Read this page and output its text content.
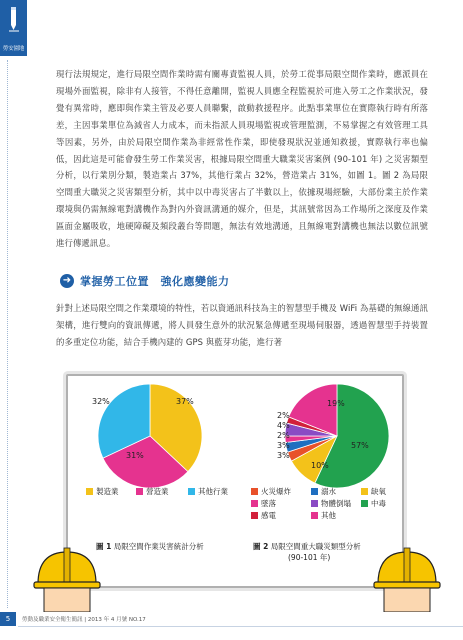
勞安園地

現行法規規定，進行局限空間作業時需有關專責監視人員，於勞工從事局限空間作業時，應派員在現場外面監視，除非有人接管，不得任意離開，監視人員應全程監視於可進入勞工之作業狀況，發覺有異常時，應即與作業主管及必要人員聯繫，啟動救援程序。此點事業單位在實際執行時有所落差，主因事業單位為減省人力成本，而未指派人員現場監視或管理監測，不易掌握之有效管理工具等因素，另外，由於局限空間作業為非經常性作業，即使發現狀況並通知救援，實際執行率也偏低，因此這是可能會發生勞工作業災害，根據局限空間重大職業災害案例 (90-101 年) 之災害類型分析，以行業別分類，製造業占 37%，其他行業占 32%，營造業占 31%，如圖 1。圖 2 為局限空間重大職災之災害類型分析，其中以中毒災害占了半數以上，依據現場經驗，大部份業主於作業環境與仍需無線電對講機作為對內外資訊溝通的媒介，但是，其訊號常因為工作場所之深度及作業區面金屬吸收，地硬障礙及頻段叢台等問題，無法有效地溝通，且無線電對講機也無法以數位訊號進行傳遞訊息。

➜ 掌握勞工位置　強化應變能力

針對上述局限空間之作業環境的特性，若以資通訊科技為主的智慧型手機及 WiFi 為基礎的無線通訊架構，進行雙向的資訊傳遞，將人員發生意外的狀況緊急傳遞至現場伺服器，透過智慧型手持裝置的多重定位功能，結合手機內建的 GPS 與藍芽功能，進行著

37%
31%
32%
製造業	營造業	其他行業
圖 1 局限空間作業災害統計分析
57%
10%
3%
3%
2%
4%
2%
19%
火災爆炸	溺水	缺氧
墜落	物體倒塌	中毒
感電	其他
圖 2 局限空間重大職災類型分析
(90-101 年)
5	勞動及職業安全衛生簡訊 | 2013 年 4 月號 NO.17
